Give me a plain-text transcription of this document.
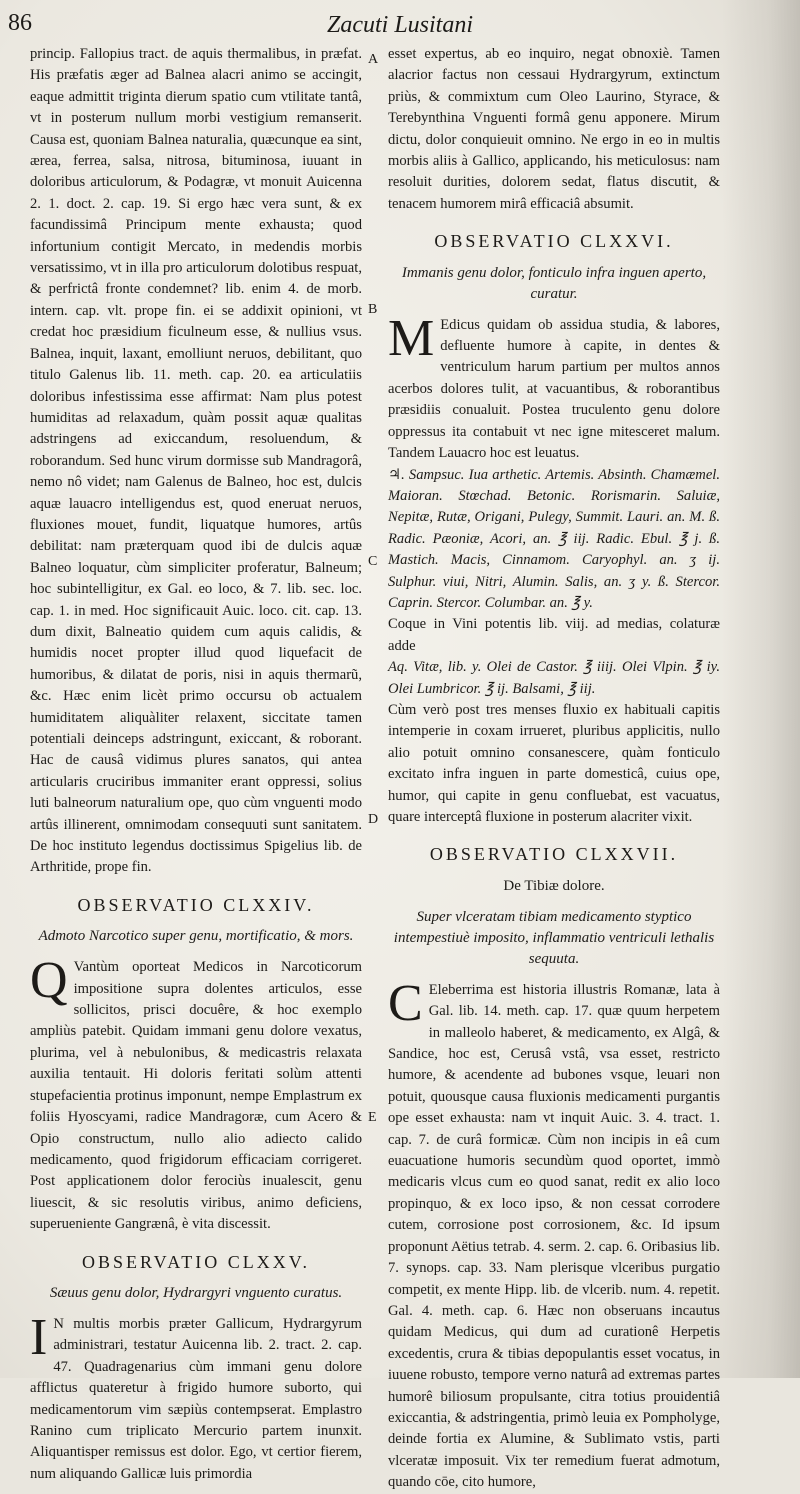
86	Zacuti Lusitani

princip. Fallopius tract. de aquis thermalibus, in præfat. His præfatis æger ad Balnea alacri animo se accingit, eaque admittit triginta dierum spatio cum vtilitate tantâ, vt in posterum nullum morbi vestigium remanserit. Causa est, quoniam Balnea naturalia, quæcunque ea sint, ærea, ferrea, salsa, nitrosa, bituminosa, iuuant in doloribus articulorum, & Podagræ, vt monuit Auicenna 2. 1. doct. 2. cap. 19. Si ergo hæc vera sunt, & ex facundissimâ Principum mente exhausta; quod infortunium contigit Mercato, in medendis morbis versatissimo, vt in illa pro articulorum dolotibus respuat, & perfrictâ fronte condemnet? lib. enim 4. de morb. intern. cap. vlt. prope fin. ei se addixit opinioni, vt credat hoc præsidium ficulneum esse, & nullius vsus. Balnea, inquit, laxant, emolliunt neruos, debilitant, quo titulo Galenus lib. 11. meth. cap. 20. ea articulatiis doloribus infestissima esse affirmat: Nam plus potest humiditas ad relaxadum, quàm possit aquæ qualitas adstringens ad exiccandum, resoluendum, & roborandum. Sed hunc virum dormisse sub Mandragorâ, nemo nô videt; nam Galenus de Balneo, hoc est, dulcis aquæ lauacro intelligendus est, quod eneruat neruos, fluxiones mouet, fundit, liquatque humores, artûs debilitat: nam præterquam quod ibi de dulcis aquæ Balneo loquatur, cùm simpliciter proferatur, Balneum; hoc subintelligitur, ex Gal. eo loco, & 7. lib. sec. loc. cap. 1. in med. Hoc significauit Auic. loco. cit. cap. 13. dum dixit, Balneatio quidem cum aquis calidis, & humidis nocet propter illud quod liquefacit de humoribus, & dilatat de poris, nisi in aquis thermarũ, &c. Hæc enim licèt primo occursu ob actualem humiditatem aliquàliter relaxent, siccitate tamen potentiali deinceps adstringunt, exiccant, & roborant. Hac de causâ vidimus plures sanatos, qui antea articularis cruciribus immaniter erant oppressi, solius luti balneorum naturalium ope, quo cùm vnguenti modo artûs illinerent, omnimodam consequuti sunt sanitatem. De hoc instituto legendus doctissimus Spigelius lib. de Arthritide, prope fin.

OBSERVATIO CLXXIV.
Admoto Narcotico super genu, mortificatio, & mors.

Q Vantùm oporteat Medicos in Narcoticorum impositione supra dolentes articulos, esse sollicitos, prisci docuêre, & hoc exemplo ampliùs patebit. Quidam immani genu dolore vexatus, plurima, vel à nebulonibus, & medicastris relaxata auxilia tentauit. Hi doloris feritati solùm attenti stupefacientia protinus imponunt, nempe Emplastrum ex foliis Hyoscyami, radice Mandragoræ, cum Acero & Opio constructum, nullo alio adiecto calido medicamento, quod frigidorum efficaciam corrigeret. Post applicationem dolor ferociùs inualescit, genu liuescit, & sic resolutis viribus, animo deficiens, superueniente Gangrænâ, è vita discessit.

OBSERVATIO CLXXV.
Sæuus genu dolor, Hydrargyri vnguento curatus.

I N multis morbis præter Gallicum, Hydrargyrum administrari, testatur Auicenna lib. 2. tract. 2. cap. 47. Quadragenarius cùm immani genu dolore afflictus quateretur à frigido humore suborto, qui medicamentorum vim sæpiùs contempserat. Emplastro Ranino cum triplicato Mercurio partem inunxit. Aliquantisper remissus est dolor. Ego, vt certior fierem, num aliquando Gallicæ luis primordia

A
B
C
D
E

esset expertus, ab eo inquiro, negat obnoxiè. Tamen alacrior factus non cessaui Hydrargyrum, extinctum priùs, & commixtum cum Oleo Laurino, Styrace, & Terebynthina Vnguenti formâ genu apponere. Mirum dictu, dolor conquieuit omnino. Ne ergo in eo in multis morbis aliis à Gallico, applicando, his meticulosus: nam resoluit durities, dolorem sedat, flatus discutit, & tenacem humorem mirâ efficaciâ absumit.

OBSERVATIO CLXXVI.
Immanis genu dolor, fonticulo infra inguen aperto, curatur.

M Edicus quidam ob assidua studia, & labores, defluente humore à capite, in dentes & ventriculum harum partium per multos annos acerbos dolores tulit, at vacuantibus, & roborantibus præsidiis conualuit. Postea truculento genu dolore oppressus ita contabuit vt nec igne mitesceret malum. Tandem Lauacro hoc est leuatus.

♃. Sampsuc. Iua arthetic. Artemis. Absinth. Chamæmel. Maioran. Stœchad. Betonic. Rorismarin. Saluiæ, Nepitæ, Rutæ, Origani, Pulegy, Summit. Lauri. an. M. ß. Radic. Pæoniæ, Acori, an. ℥ iij. Radic. Ebul. ℥ j. ß. Mastich. Macis, Cinnamom. Caryophyl. an. ʒ ij. Sulphur. viui, Nitri, Alumin. Salis, an. ʒ y. ß. Stercor. Caprin. Stercor. Columbar. an. ℥ y.

Coque in Vini potentis lib. viij. ad medias, colaturæ adde

Aq. Vitæ, lib. y. Olei de Castor. ℥ iiij. Olei Vlpin. ℥ iy. Olei Lumbricor. ℥ ij. Balsami, ℥ iij.

Cùm verò post tres menses fluxio ex habituali capitis intemperie in coxam irrueret, pluribus applicitis, nullo alio potuit omnino consanescere, quàm fonticulo excitato infra inguen in parte domesticâ, cuius ope, humor, qui capite in genu confluebat, est vacuatus, quare interceptâ fluxione in posterum alacriter vixit.

OBSERVATIO CLXXVII.
De Tibiæ dolore.
Super vlceratam tibiam medicamento styptico intempestiuè imposito, inflammatio ventriculi lethalis sequuta.

C Eleberrima est historia illustris Romanæ, lata à Gal. lib. 14. meth. cap. 17. quæ quum herpetem in malleolo haberet, & medicamento, ex Algâ, & Sandice, hoc est, Cerusâ vstâ, vsa esset, restricto humore, & acendente ad bubones vsque, leuari non potuit, quousque causa fluxionis medicamenti purgantis ope esset exhausta: nam vt inquit Auic. 3. 4. tract. 1. cap. 7. de curâ formicæ. Cùm non incipis in eâ cum euacuatione humoris secundùm quod oportet, immò medicaris vlcus cum eo quod sanat, redit ex alio loco propinquo, & ex loco ipso, & non cessat corrodere cutem, corrosione post corrosionem, &c. Id ipsum proponunt Aëtius tetrab. 4. serm. 2. cap. 6. Oribasius lib. 7. synops. cap. 33. Nam plerisque vlceribus purgatio competit, ex mente Hipp. lib. de vlcerib. num. 4. repetit. Gal. 4. meth. cap. 6. Hæc non obseruans incautus quidam Medicus, qui dum ad curationê Herpetis excedentis, crura & tibias depopulantis esset vocatus, in iuuene robusto, tempore verno naturâ ad extremas partes humorê biliosum propulsante, citra totius prouidentiâ exiccantia, & adstringentia, primò leuia ex Pompholyge, deinde fortia ex Alumine, & Sublimato vstis, parti vlceratæ imposuit. Vix ter remedium fuerat admotum, quando cōe, cito humore,
